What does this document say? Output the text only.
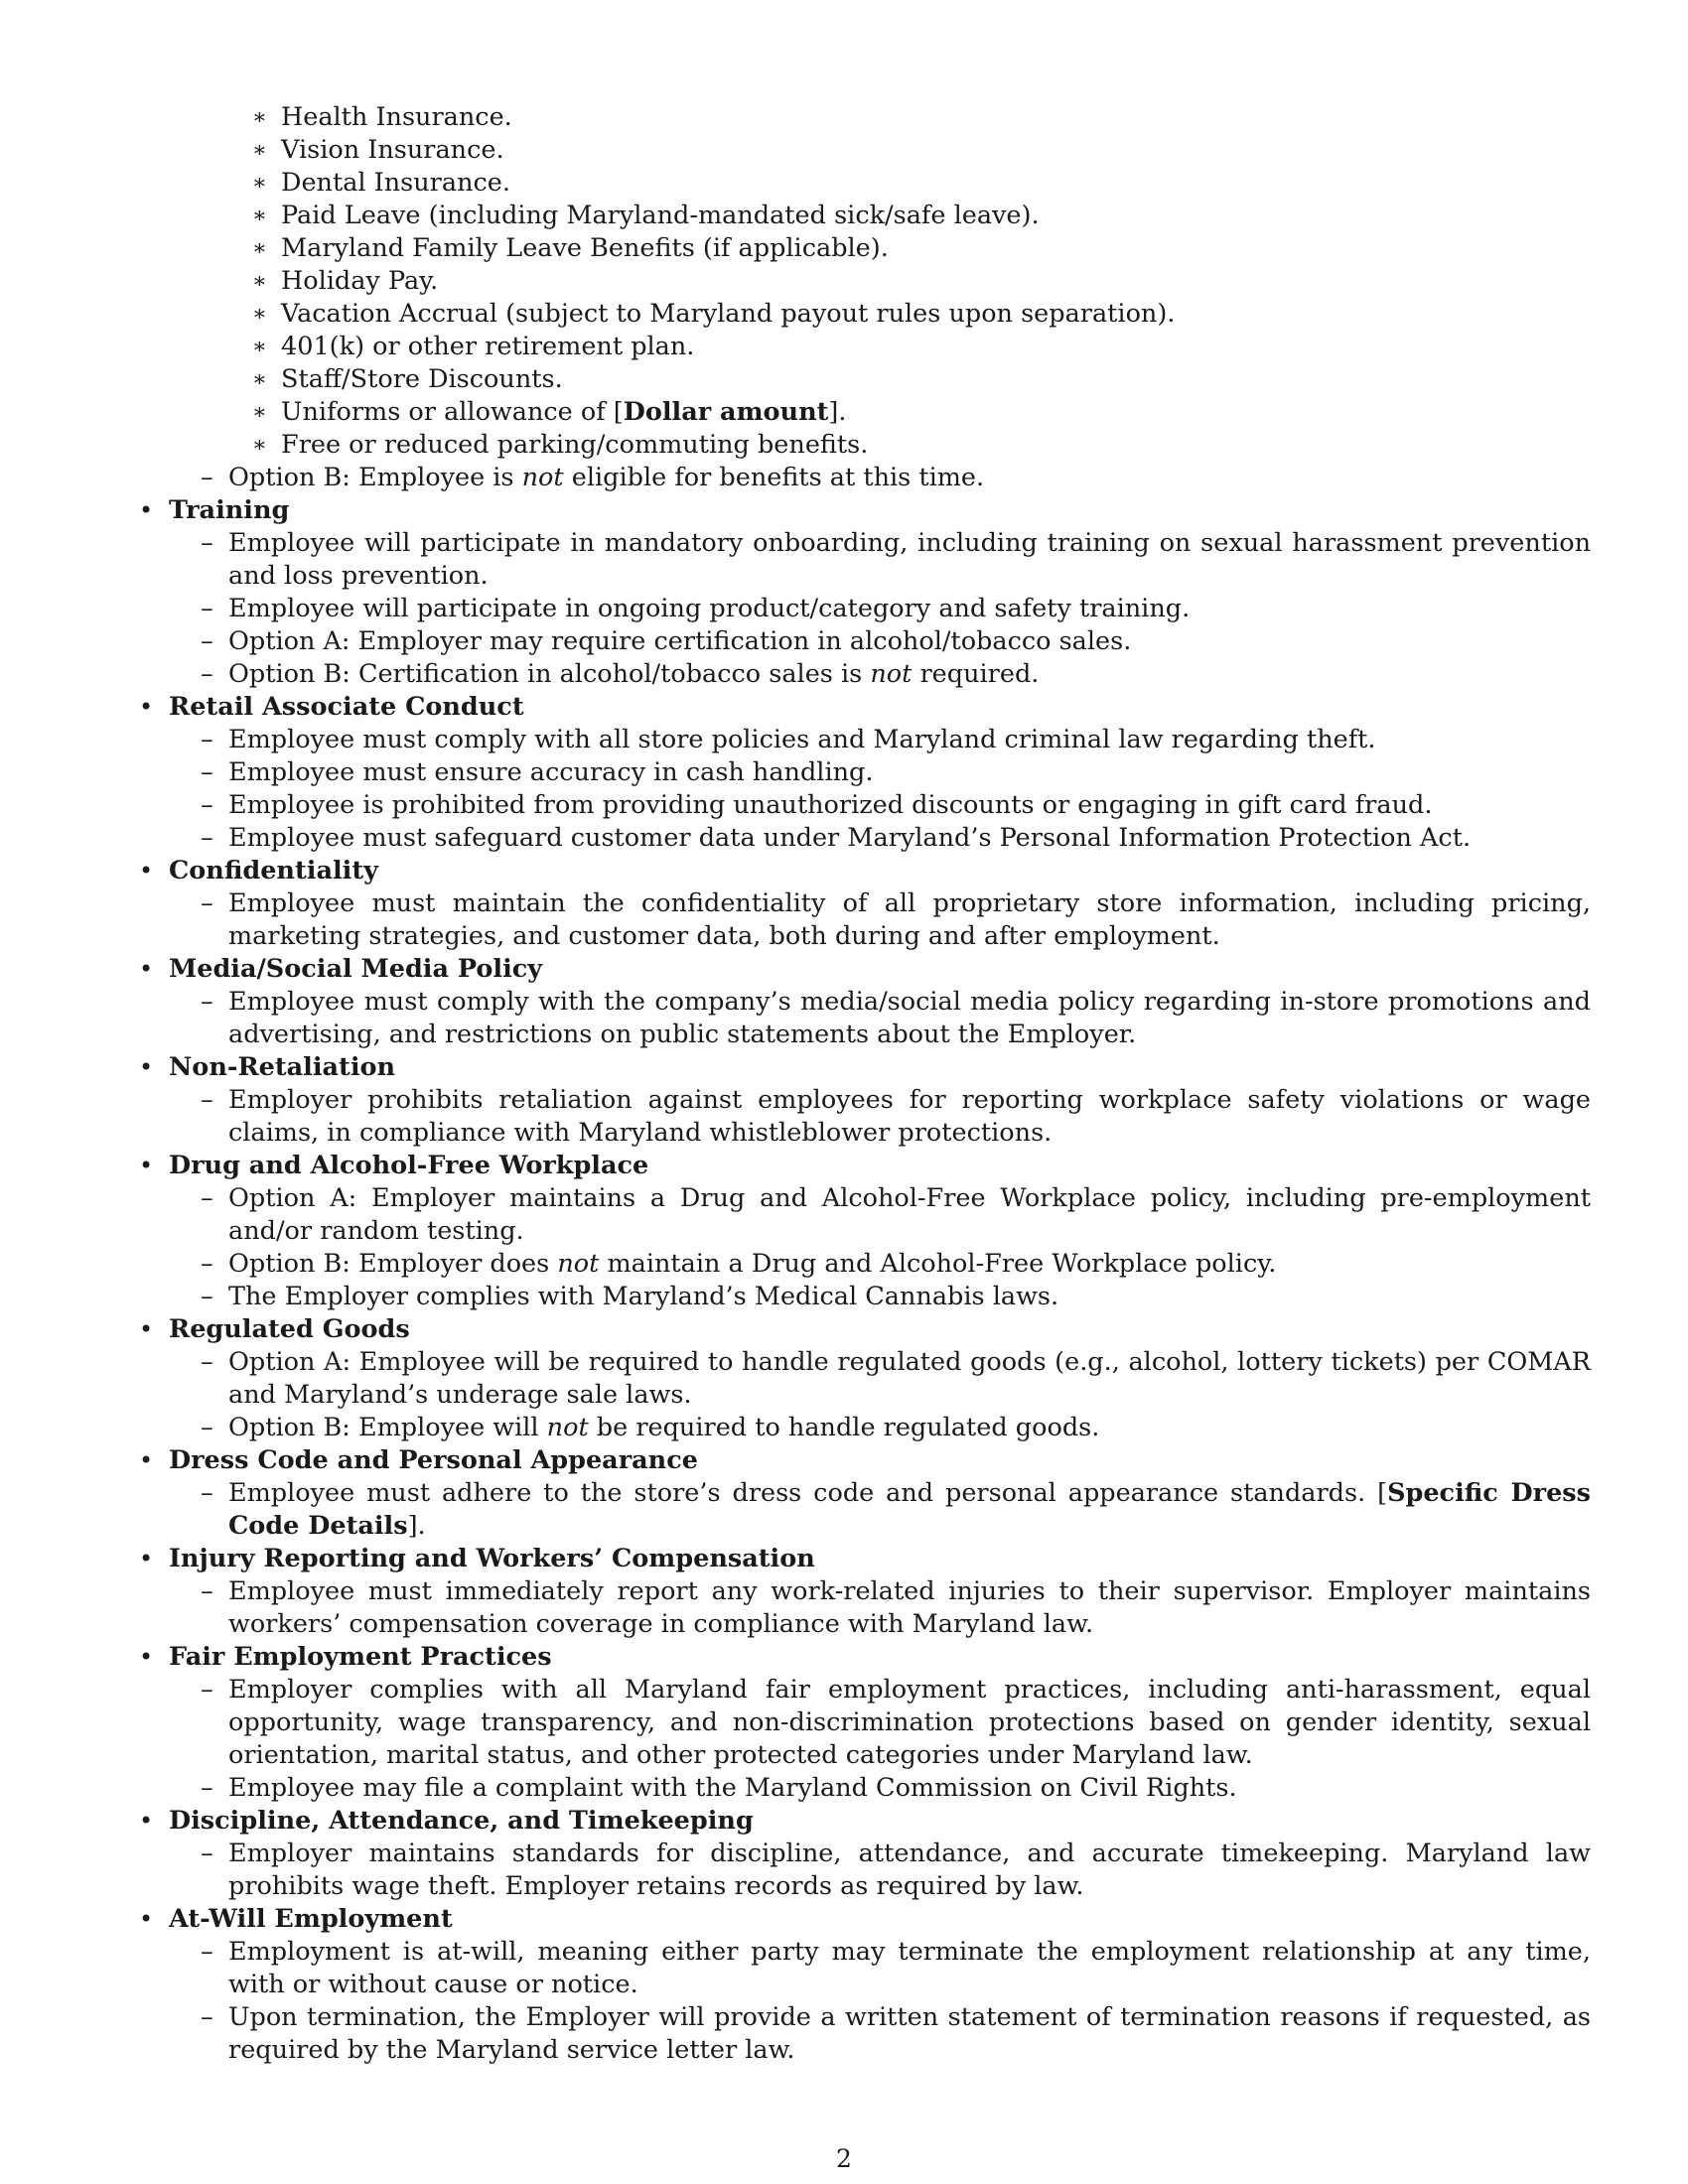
∗ Health Insurance.
∗ Vision Insurance.
∗ Dental Insurance.
∗ Paid Leave (including Maryland-mandated sick/safe leave).
∗ Maryland Family Leave Benefits (if applicable).
∗ Holiday Pay.
∗ Vacation Accrual (subject to Maryland payout rules upon separation).
∗ 401(k) or other retirement plan.
∗ Staff/Store Discounts.
∗ Uniforms or allowance of [Dollar amount].
∗ Free or reduced parking/commuting benefits.
– Option B: Employee is not eligible for benefits at this time.
• Training
– Employee will participate in mandatory onboarding, including training on sexual harassment prevention and loss prevention.
– Employee will participate in ongoing product/category and safety training.
– Option A: Employer may require certification in alcohol/tobacco sales.
– Option B: Certification in alcohol/tobacco sales is not required.
• Retail Associate Conduct
– Employee must comply with all store policies and Maryland criminal law regarding theft.
– Employee must ensure accuracy in cash handling.
– Employee is prohibited from providing unauthorized discounts or engaging in gift card fraud.
– Employee must safeguard customer data under Maryland’s Personal Information Protection Act.
• Confidentiality
– Employee must maintain the confidentiality of all proprietary store information, including pricing, marketing strategies, and customer data, both during and after employment.
• Media/Social Media Policy
– Employee must comply with the company’s media/social media policy regarding in-store promotions and advertising, and restrictions on public statements about the Employer.
• Non-Retaliation
– Employer prohibits retaliation against employees for reporting workplace safety violations or wage claims, in compliance with Maryland whistleblower protections.
• Drug and Alcohol-Free Workplace
– Option A: Employer maintains a Drug and Alcohol-Free Workplace policy, including pre-employment and/or random testing.
– Option B: Employer does not maintain a Drug and Alcohol-Free Workplace policy.
– The Employer complies with Maryland’s Medical Cannabis laws.
• Regulated Goods
– Option A: Employee will be required to handle regulated goods (e.g., alcohol, lottery tickets) per COMAR and Maryland’s underage sale laws.
– Option B: Employee will not be required to handle regulated goods.
• Dress Code and Personal Appearance
– Employee must adhere to the store’s dress code and personal appearance standards. [Specific Dress Code Details].
• Injury Reporting and Workers’ Compensation
– Employee must immediately report any work-related injuries to their supervisor. Employer maintains workers’ compensation coverage in compliance with Maryland law.
• Fair Employment Practices
– Employer complies with all Maryland fair employment practices, including anti-harassment, equal opportunity, wage transparency, and non-discrimination protections based on gender identity, sexual orientation, marital status, and other protected categories under Maryland law.
– Employee may file a complaint with the Maryland Commission on Civil Rights.
• Discipline, Attendance, and Timekeeping
– Employer maintains standards for discipline, attendance, and accurate timekeeping. Maryland law prohibits wage theft. Employer retains records as required by law.
• At-Will Employment
– Employment is at-will, meaning either party may terminate the employment relationship at any time, with or without cause or notice.
– Upon termination, the Employer will provide a written statement of termination reasons if requested, as required by the Maryland service letter law.
2
